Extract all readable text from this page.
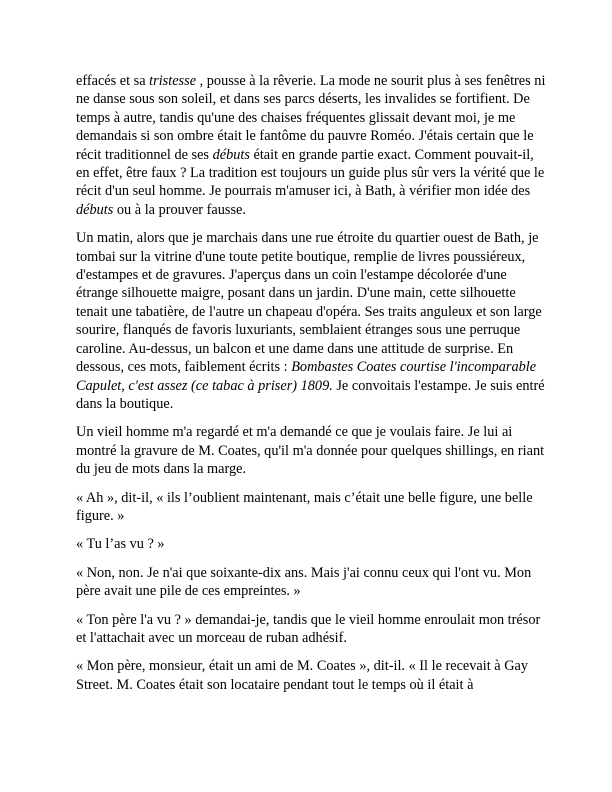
effacés et sa tristesse , pousse à la rêverie. La mode ne sourit plus à ses fenêtres ni ne danse sous son soleil, et dans ses parcs déserts, les invalides se fortifient. De temps à autre, tandis qu'une des chaises fréquentes glissait devant moi, je me demandais si son ombre était le fantôme du pauvre Roméo. J'étais certain que le récit traditionnel de ses débuts était en grande partie exact. Comment pouvait-il, en effet, être faux ? La tradition est toujours un guide plus sûr vers la vérité que le récit d'un seul homme. Je pourrais m'amuser ici, à Bath, à vérifier mon idée des débuts ou à la prouver fausse.

Un matin, alors que je marchais dans une rue étroite du quartier ouest de Bath, je tombai sur la vitrine d'une toute petite boutique, remplie de livres poussiéreux, d'estampes et de gravures. J'aperçus dans un coin l'estampe décolorée d'une étrange silhouette maigre, posant dans un jardin. D'une main, cette silhouette tenait une tabatière, de l'autre un chapeau d'opéra. Ses traits anguleux et son large sourire, flanqués de favoris luxuriants, semblaient étranges sous une perruque caroline. Au-dessus, un balcon et une dame dans une attitude de surprise. En dessous, ces mots, faiblement écrits : Bombastes Coates courtise l'incomparable Capulet, c'est assez (ce tabac à priser) 1809. Je convoitais l'estampe. Je suis entré dans la boutique.

Un vieil homme m'a regardé et m'a demandé ce que je voulais faire. Je lui ai montré la gravure de M. Coates, qu'il m'a donnée pour quelques shillings, en riant du jeu de mots dans la marge.

« Ah », dit-il, « ils l’oublient maintenant, mais c’était une belle figure, une belle figure. »

« Tu l’as vu ? »

« Non, non. Je n'ai que soixante-dix ans. Mais j'ai connu ceux qui l'ont vu. Mon père avait une pile de ces empreintes. »

« Ton père l'a vu ? » demandai-je, tandis que le vieil homme enroulait mon trésor et l'attachait avec un morceau de ruban adhésif.

« Mon père, monsieur, était un ami de M. Coates », dit-il. « Il le recevait à Gay Street. M. Coates était son locataire pendant tout le temps où il était à
